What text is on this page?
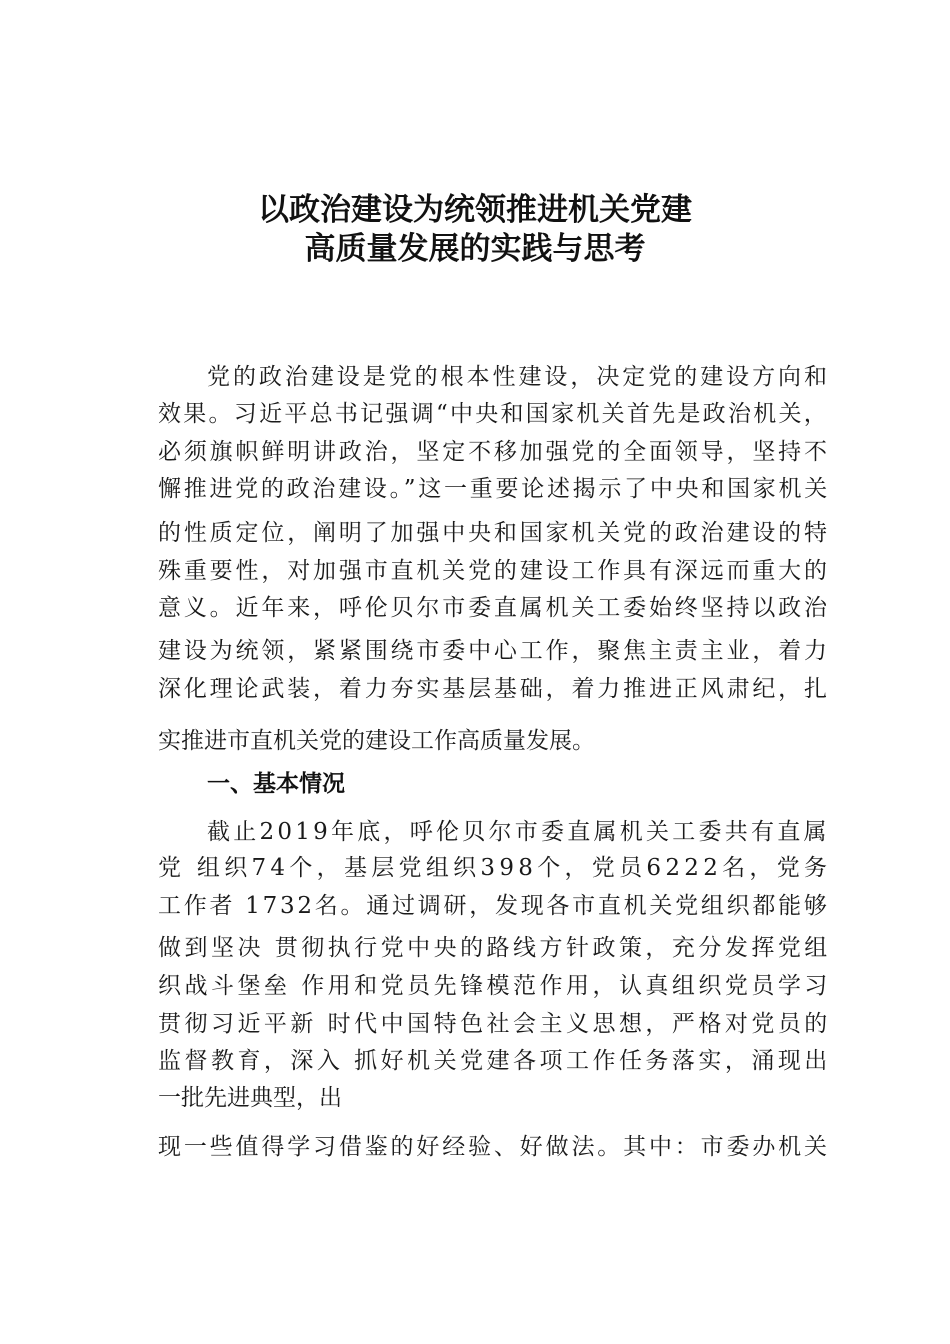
以政治建设为统领推进机关党建
高质量发展的实践与思考
党的政治建设是党的根本性建设，决定党的建设方向和
效果。习近平总书记强调“中央和国家机关首先是政治机关，
必须旗帜鲜明讲政治，坚定不移加强党的全面领导，坚持不
懈推进党的政治建设。”这一重要论述揭示了中央和国家机关
的性质定位，阐明了加强中央和国家机关党的政治建设的特
殊重要性，对加强市直机关党的建设工作具有深远而重大的
意义。近年来，呼伦贝尔市委直属机关工委始终坚持以政治
建设为统领，紧紧围绕市委中心工作，聚焦主责主业，着力
深化理论武装，着力夯实基层基础，着力推进正风肃纪，扎
实推进市直机关党的建设工作高质量发展。
一、基本情况
截止2019年底，呼伦贝尔市委直属机关工委共有直属
党 组织74个，基层党组织398个，党员6222名，党务
工作者 1732名。通过调研，发现各市直机关党组织都能够
做到坚决 贯彻执行党中央的路线方针政策，充分发挥党组
织战斗堡垒 作用和党员先锋模范作用，认真组织党员学习
贯彻习近平新 时代中国特色社会主义思想，严格对党员的
监督教育，深入 抓好机关党建各项工作任务落实，涌现出
一批先进典型，出
现一些值得学习借鉴的好经验、好做法。其中：市委办机关
